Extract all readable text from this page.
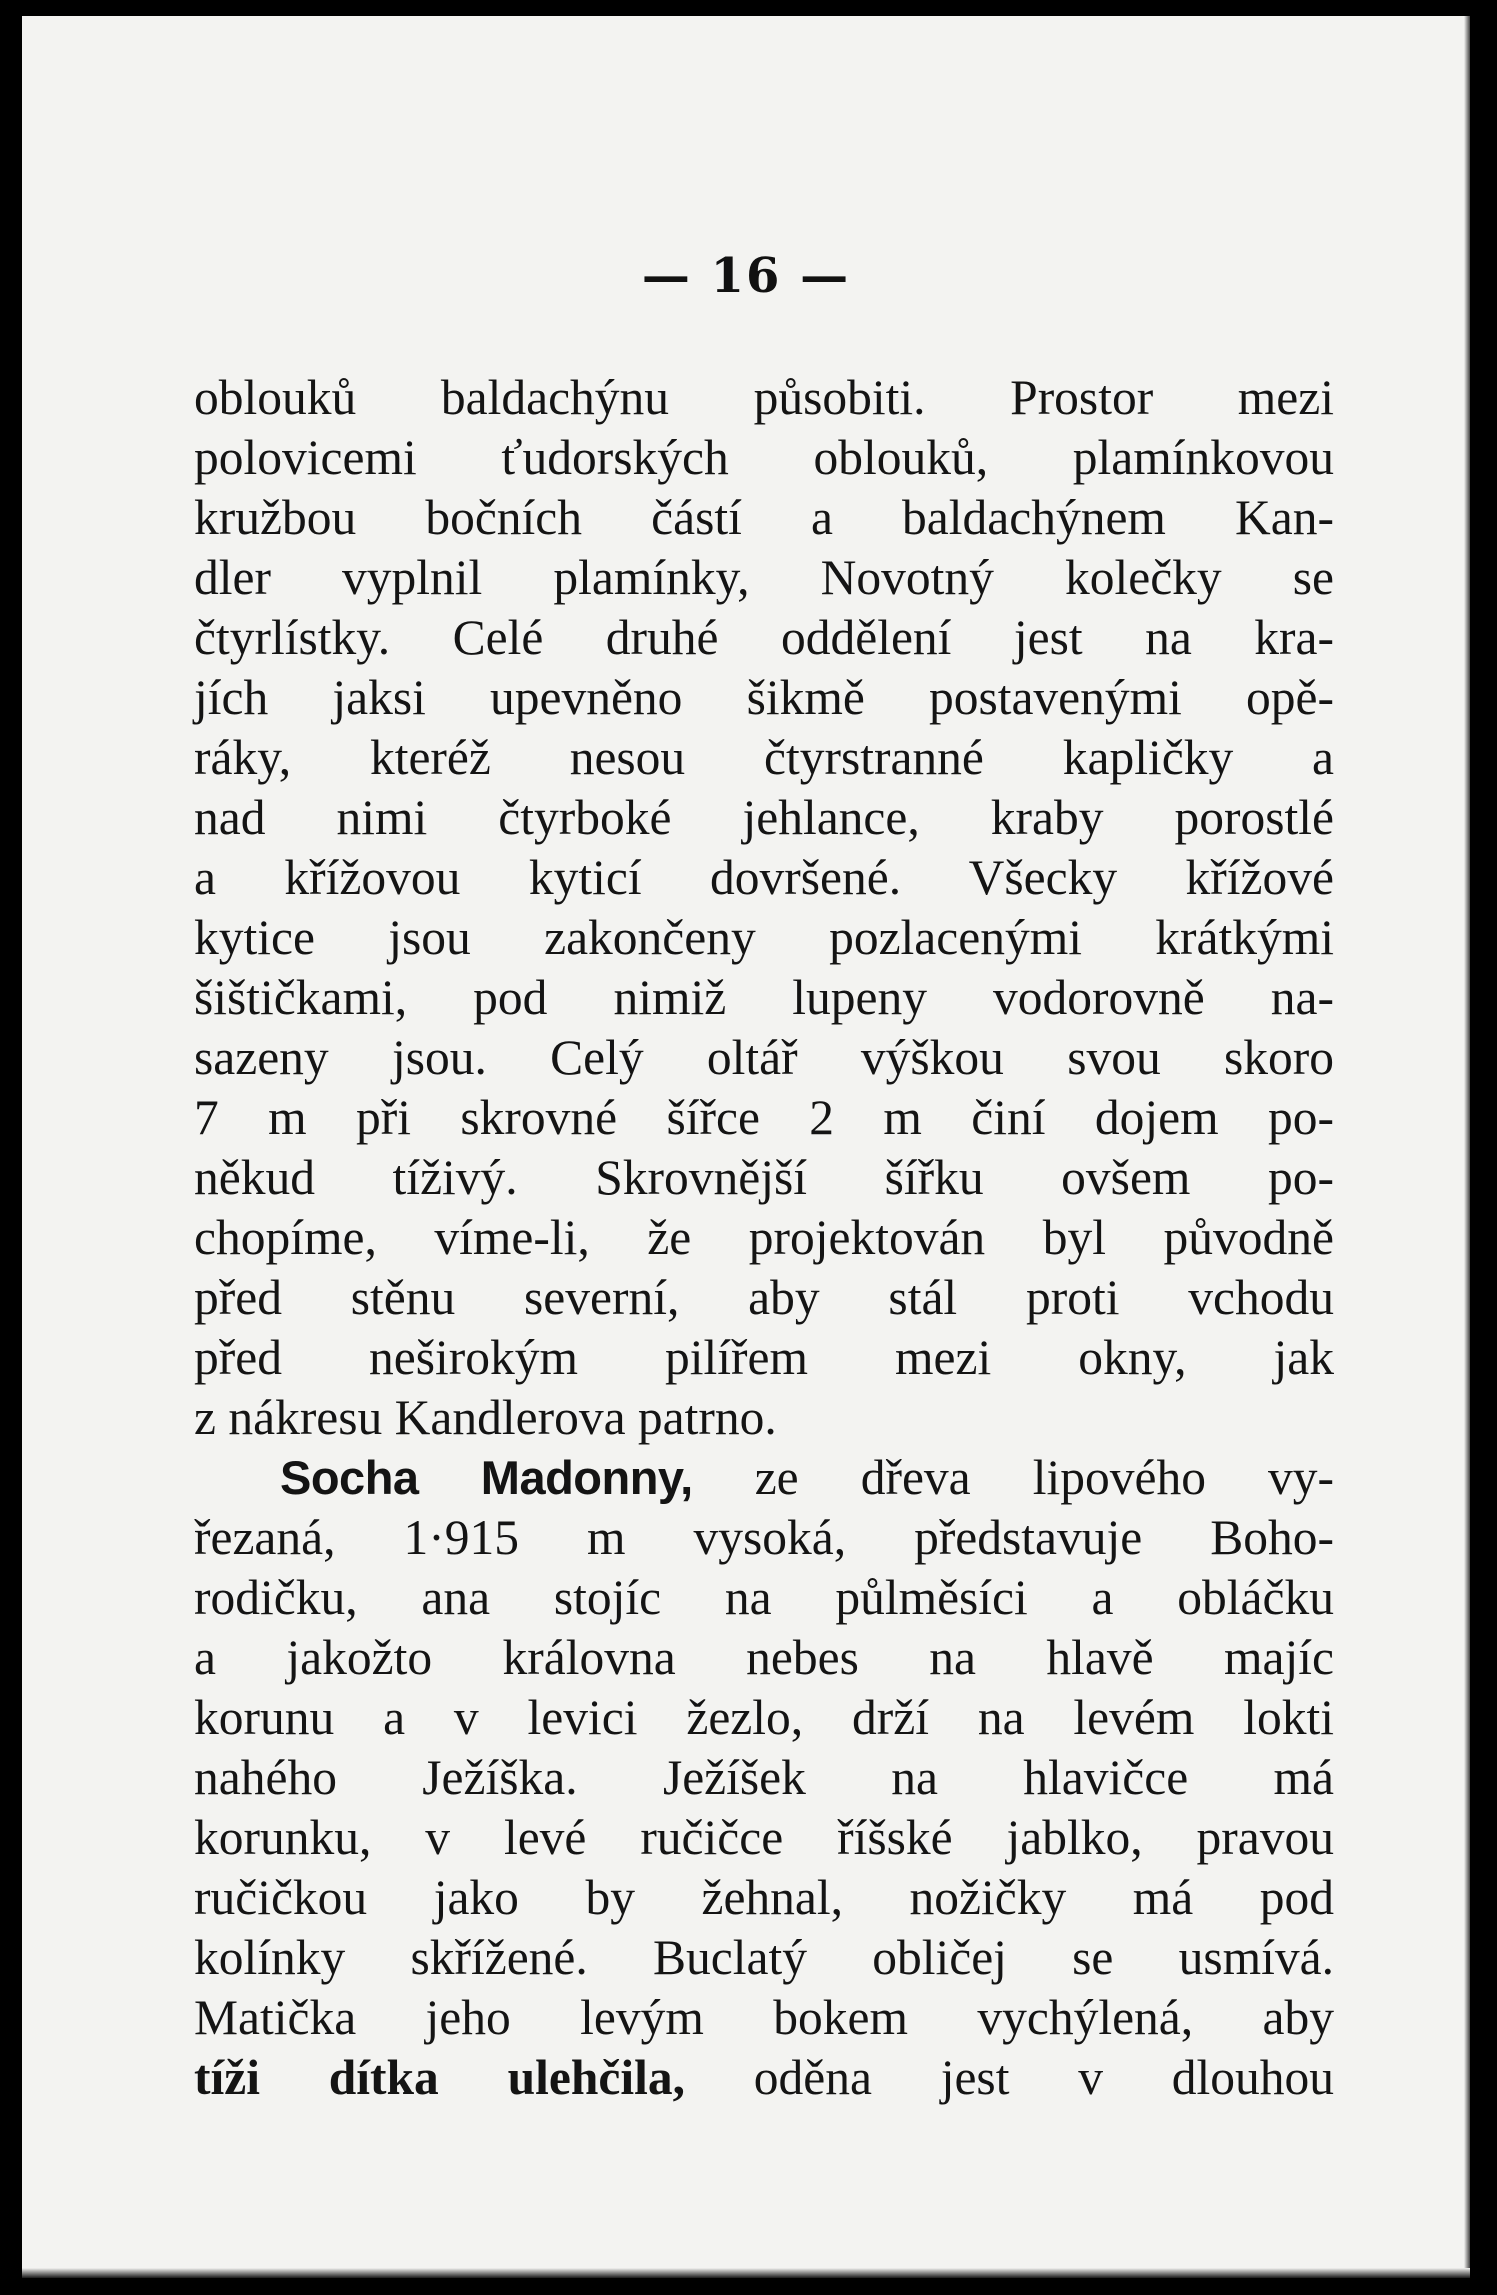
— 16 —
oblouků baldachýnu působiti. Prostor mezi
polovicemi ťudorských oblouků, plamínkovou
kružbou bočních částí a baldachýnem Kan-
dler vyplnil plamínky, Novotný kolečky se
čtyrlístky. Celé druhé oddělení jest na kra-
jích jaksi upevněno šikmě postavenými opě-
ráky, kteréž nesou čtyrstranné kapličky a
nad nimi čtyrboké jehlance, kraby porostlé
a křížovou kyticí dovršené. Všecky křížové
kytice jsou zakončeny pozlacenými krátkými
šištičkami, pod nimiž lupeny vodorovně na-
sazeny jsou. Celý oltář výškou svou skoro
7 m při skrovné šířce 2 m činí dojem po-
někud tíživý. Skrovnější šířku ovšem po-
chopíme, víme-li, že projektován byl původně
před stěnu severní, aby stál proti vchodu
před neširokým pilířem mezi okny, jak
z nákresu Kandlerova patrno.
Socha Madonny, ze dřeva lipového vy-
řezaná, 1·915 m vysoká, představuje Boho-
rodičku, ana stojíc na půlměsíci a obláčku
a jakožto královna nebes na hlavě majíc
korunu a v levici žezlo, drží na levém lokti
nahého Ježíška. Ježíšek na hlavičce má
korunku, v levé ručičce říšské jablko, pravou
ručičkou jako by žehnal, nožičky má pod
kolínky skřížené. Buclatý obličej se usmívá.
Matička jeho levým bokem vychýlená, aby
tíži dítka ulehčila, oděna jest v dlouhou
